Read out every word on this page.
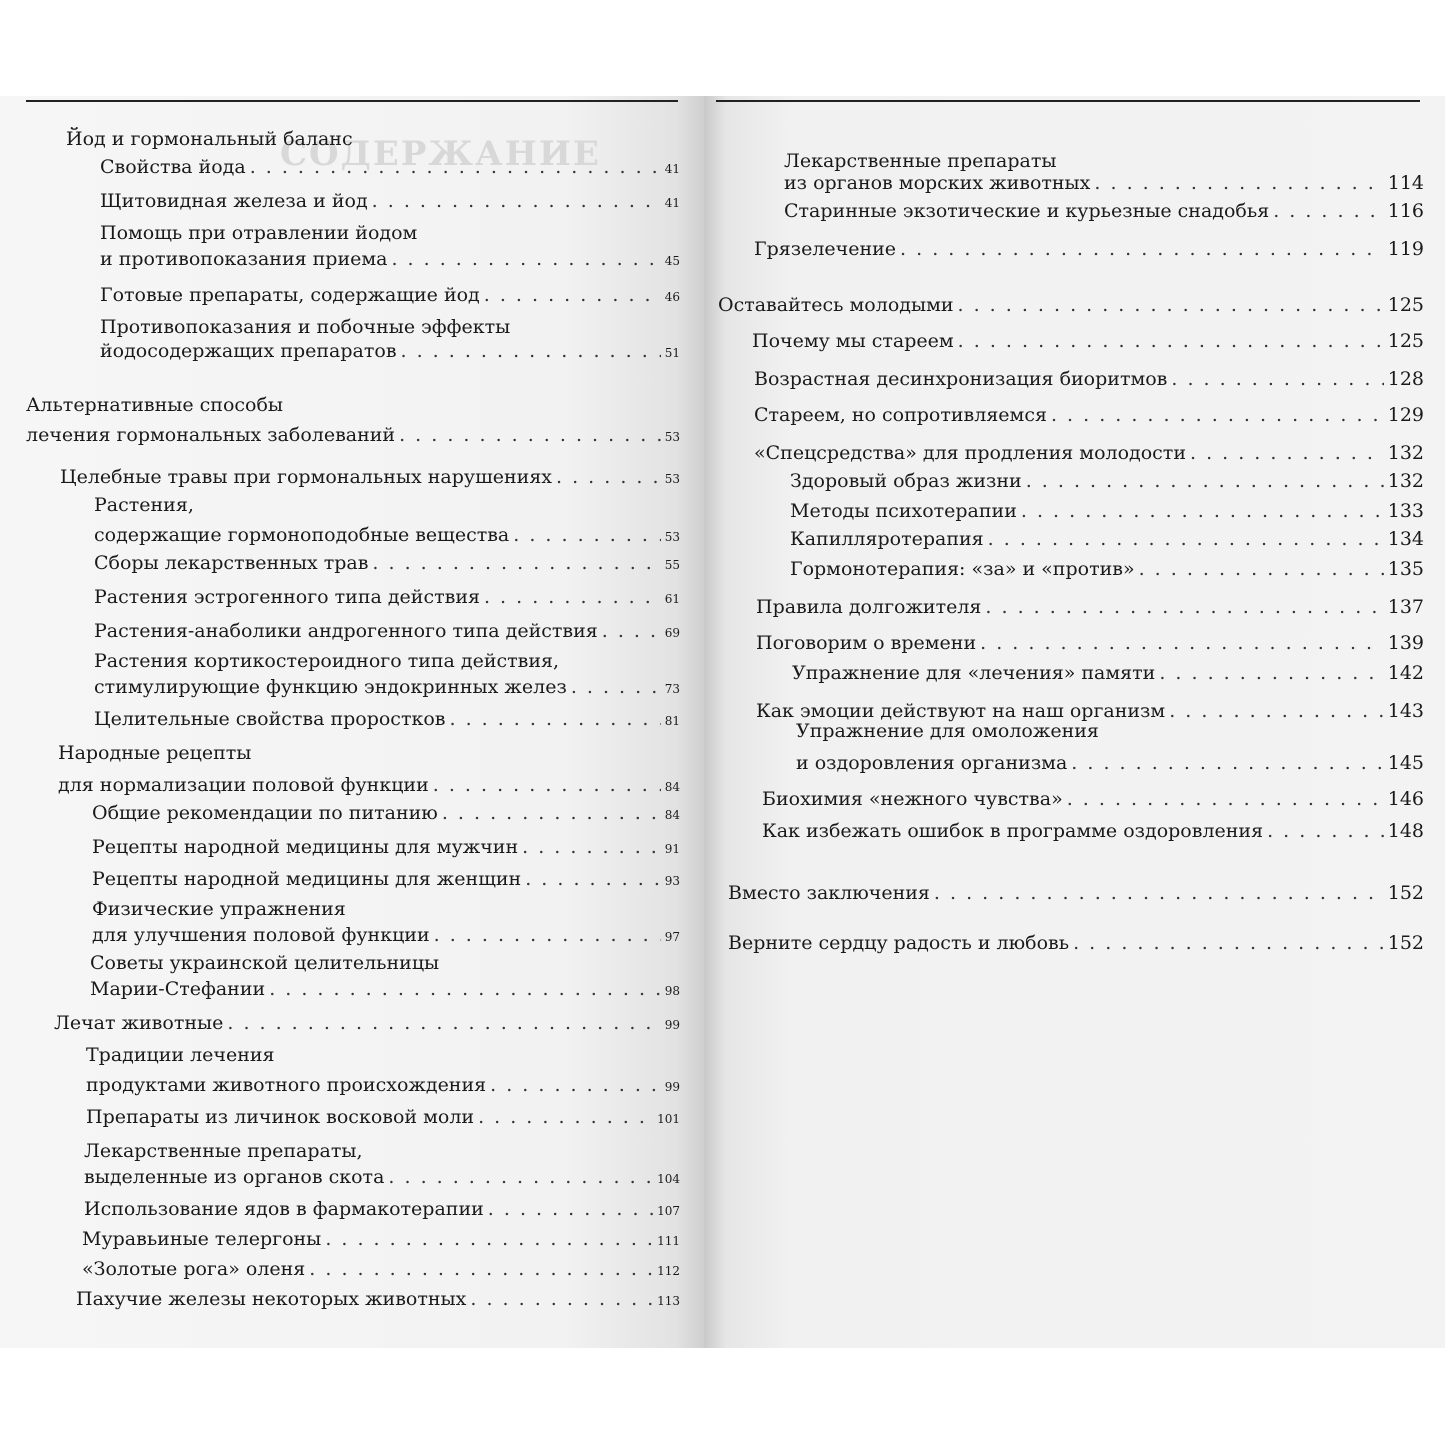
СОДЕРЖАНИЕ
Йод и гормональный баланс
Свойства йода . . .	41
Щитовидная железа и йод . . .	41
Помощь при отравлении йодом
и противопоказания приема . . .	45
Готовые препараты, содержащие йод . . .	46
Противопоказания и побочные эффекты
йодосодержащих препаратов . . .	51
Альтернативные способы
лечения гормональных заболеваний . . .	53
Целебные травы при гормональных нарушениях . . .	53
Растения,
содержащие гормоноподобные вещества . . .	53
Сборы лекарственных трав . . .	55
Растения эстрогенного типа действия . . .	61
Растения-анаболики андрогенного типа действия . . .	69
Растения кортикостероидного типа действия,
стимулирующие функцию эндокринных желез . . .	73
Целительные свойства проростков . . .	81
Народные рецепты
для нормализации половой функции . . .	84
Общие рекомендации по питанию . . .	84
Рецепты народной медицины для мужчин . . .	91
Рецепты народной медицины для женщин . . .	93
Физические упражнения
для улучшения половой функции . . .	97
Советы украинской целительницы
Марии-Стефании . . .	98
Лечат животные . . .	99
Традиции лечения
продуктами животного происхождения . . .	99
Препараты из личинок восковой моли . . .	101
Лекарственные препараты,
выделенные из органов скота . . .	104
Использование ядов в фармакотерапии . . .	107
Муравьиные телергоны . . .	111
«Золотые рога» оленя . . .	112
Пахучие железы некоторых животных . . .	113
Лекарственные препараты
из органов морских животных . . .	114
Старинные экзотические и курьезные снадобья . . .	116
Грязелечение . . .	119
Оставайтесь молодыми . . .	125
Почему мы стареем . . .	125
Возрастная десинхронизация биоритмов . . .	128
Стареем, но сопротивляемся . . .	129
«Спецсредства» для продления молодости . . .	132
Здоровый образ жизни . . .	132
Методы психотерапии . . .	133
Капилляротерапия . . .	134
Гормонотерапия: «за» и «против» . . .	135
Правила долгожителя . . .	137
Поговорим о времени . . .	139
Упражнение для «лечения» памяти . . .	142
Как эмоции действуют на наш организм . . .	143
Упражнение для омоложения
и оздоровления организма . . .	145
Биохимия «нежного чувства» . . .	146
Как избежать ошибок в программе оздоровления . . .	148
Вместо заключения . . .	152
Верните сердцу радость и любовь . . .	152
